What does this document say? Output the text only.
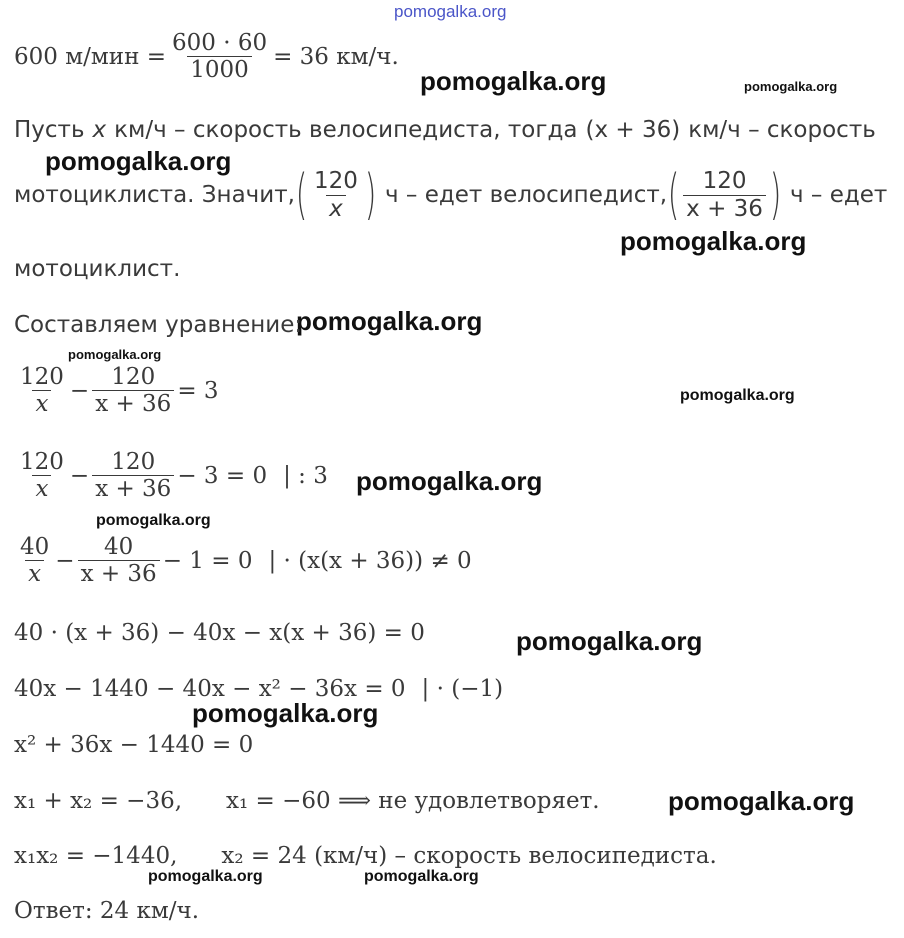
pomogalka.org
pomogalka.org	pomogalka.org
pomogalka.org
pomogalka.org
pomogalka.org
pomogalka.org
pomogalka.org
pomogalka.org
pomogalka.org
pomogalka.org
pomogalka.org
pomogalka.org
pomogalka.org	pomogalka.org
600 $м/мин = \frac{600 \cdot 60}{1000} = 36$ км/ч.
Пусть x км/ч – скорость велосипедиста, тогда (x + 36) км/ч – скорость
мотоциклиста. Значит, ( $\frac{120}{x}$ ) ч – едет велосипедист, ( $\frac{120}{x + 36}$ ) ч – едет
мотоциклист.
Составляем уравнение:
$\frac{120}{x} - \frac{120}{x + 36} = 3$
$\frac{120}{x} - \frac{120}{x + 36} - 3 = 0$ | : 3
$\frac{40}{x} - \frac{40}{x + 36} - 1 = 0$ | · (x(x + 36)) ≠ 0
40 · (x + 36) − 40x − x(x + 36) = 0
40x − 1440 − 40x − x² − 36x = 0 | · (−1)
x² + 36x − 1440 = 0
x₁ + x₂ = −36, x₁ = −60 ⟹ не удовлетворяет.
x₁x₂ = −1440, x₂ = 24 (км/ч) – скорость велосипедиста.
Ответ: 24 км/ч.
